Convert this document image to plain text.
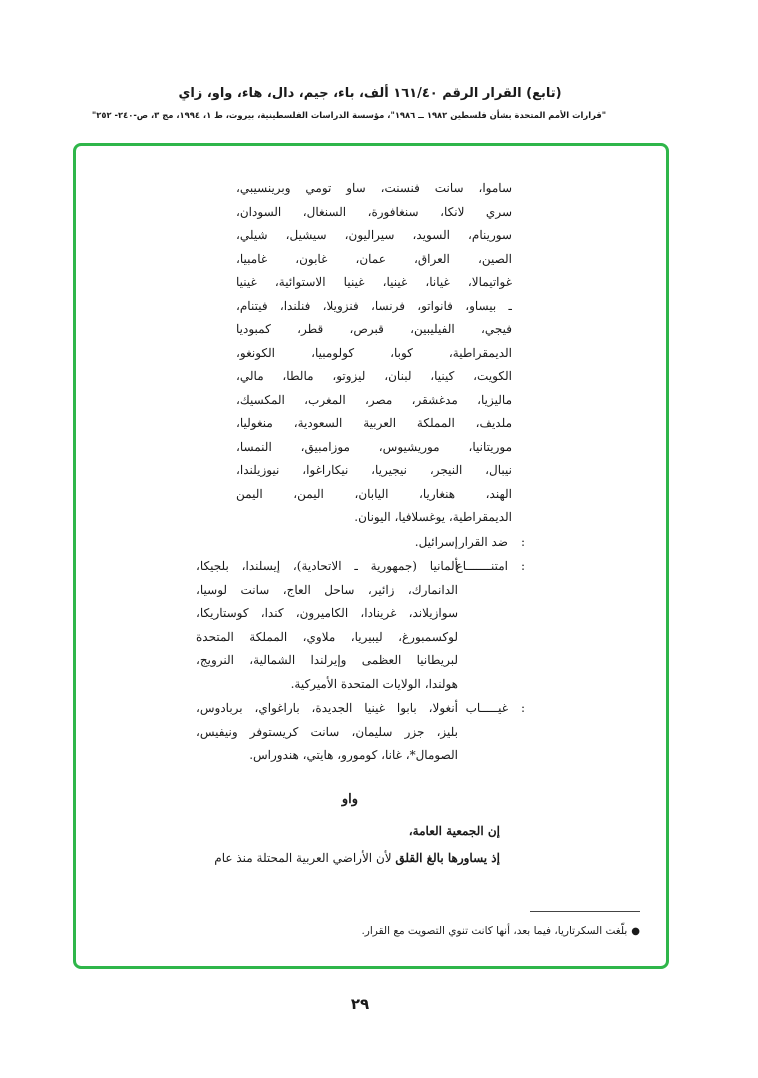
(تابع) القرار الرقم ١٦١/٤٠ ألف، باء، جيم، دال، هاء، واو، زاي
"قرارات الأمم المتحدة بشأن فلسطين ١٩٨٢ ــ ١٩٨٦"، مؤسسة الدراسات الفلسطينية، بيروت، ط ١، ١٩٩٤، مج ٣، ص-٢٤٠- ٢٥٢"
ساموا، سانت فنسنت، ساو تومي وبرينسيبي،
سري لانكا، سنغافورة، السنغال، السودان،
سورينام، السويد، سيراليون، سيشيل، شيلي،
الصين، العراق، عمان، غابون، غامبيا،
غواتيمالا، غيانا، غينيا، غينيا الاستوائية، غينيا
ـ بيساو، فانواتو، فرنسا، فنزويلا، فنلندا، فيتنام،
فيجي، الفيليبين، قبرص، قطر، كمبوديا
الديمقراطية، كوبا، كولومبيا، الكونغو،
الكويت، كينيا، لبنان، ليزوتو، مالطا، مالي،
ماليزيا، مدغشقر، مصر، المغرب، المكسيك،
ملديف، المملكة العربية السعودية، منغوليا،
موريتانيا، موريشيوس، موزامبيق، النمسا،
نيبال، النيجر، نيجيريا، نيكاراغوا، نيوزيلندا،
الهند، هنغاريا، اليابان، اليمن، اليمن
الديمقراطية، يوغسلافيا، اليونان.
ضد القرار :
إسرائيل.
امتنـــــــاع :
ألمانيا (جمهورية ـ الاتحادية)، إيسلندا، بلجيكا،
الدانمارك، زائير، ساحل العاج، سانت لوسيا،
سوازيلاند، غرينادا، الكاميرون، كندا، كوستاريكا،
لوكسمبورغ، ليبيريا، ملاوي، المملكة المتحدة
لبريطانيا العظمى وإيرلندا الشمالية، النرويج،
هولندا، الولايات المتحدة الأميركية.
غيـــــاب :
أنغولا، بابوا غينيا الجديدة، باراغواي، بربادوس،
بليز، جزر سليمان، سانت كريستوفر ونيفيس،
الصومال*، غانا، كومورو، هايتي، هندوراس.
واو
إن الجمعية العامة،
إذ يساورها بالغ القلق لأن الأراضي العربية المحتلة منذ عام
●بلّغت السكرتاريا، فيما بعد، أنها كانت تنوي التصويت مع القرار.
٢٩
